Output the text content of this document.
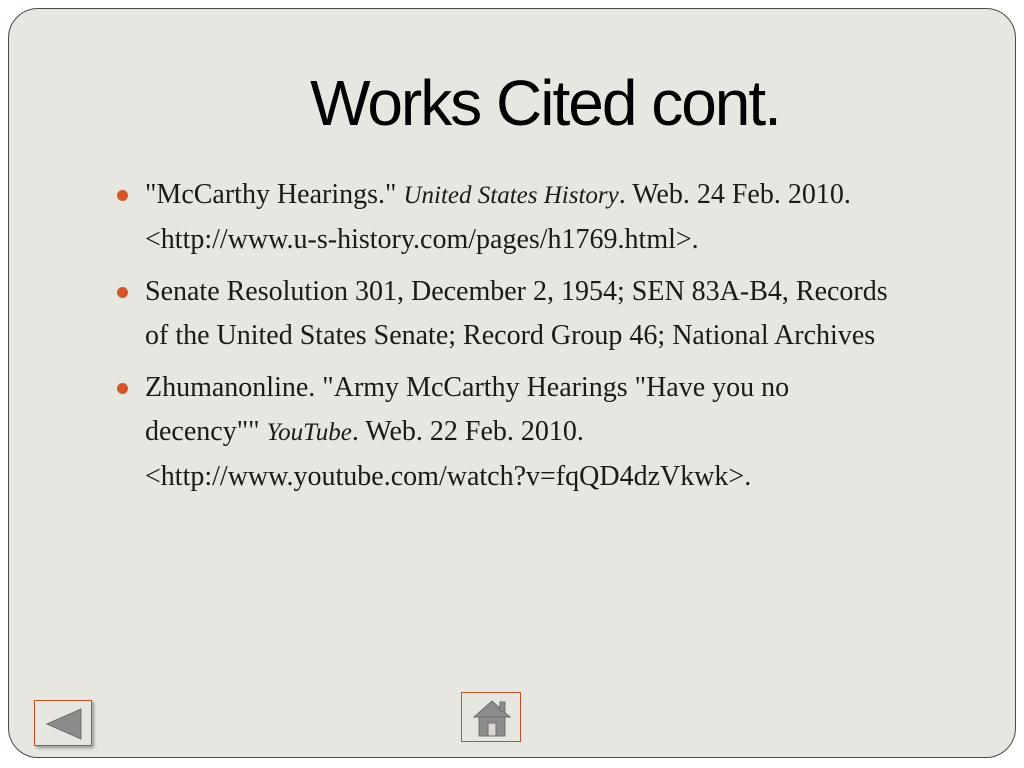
Works Cited cont.
"McCarthy Hearings." United States History. Web. 24 Feb. 2010. <http://www.u-s-history.com/pages/h1769.html>.
Senate Resolution 301, December 2, 1954; SEN 83A-B4, Records of the United States Senate; Record Group 46; National Archives
Zhumanonline. "Army McCarthy Hearings "Have you no decency"" YouTube. Web. 22 Feb. 2010. <http://www.youtube.com/watch?v=fqQD4dzVkwk>.
